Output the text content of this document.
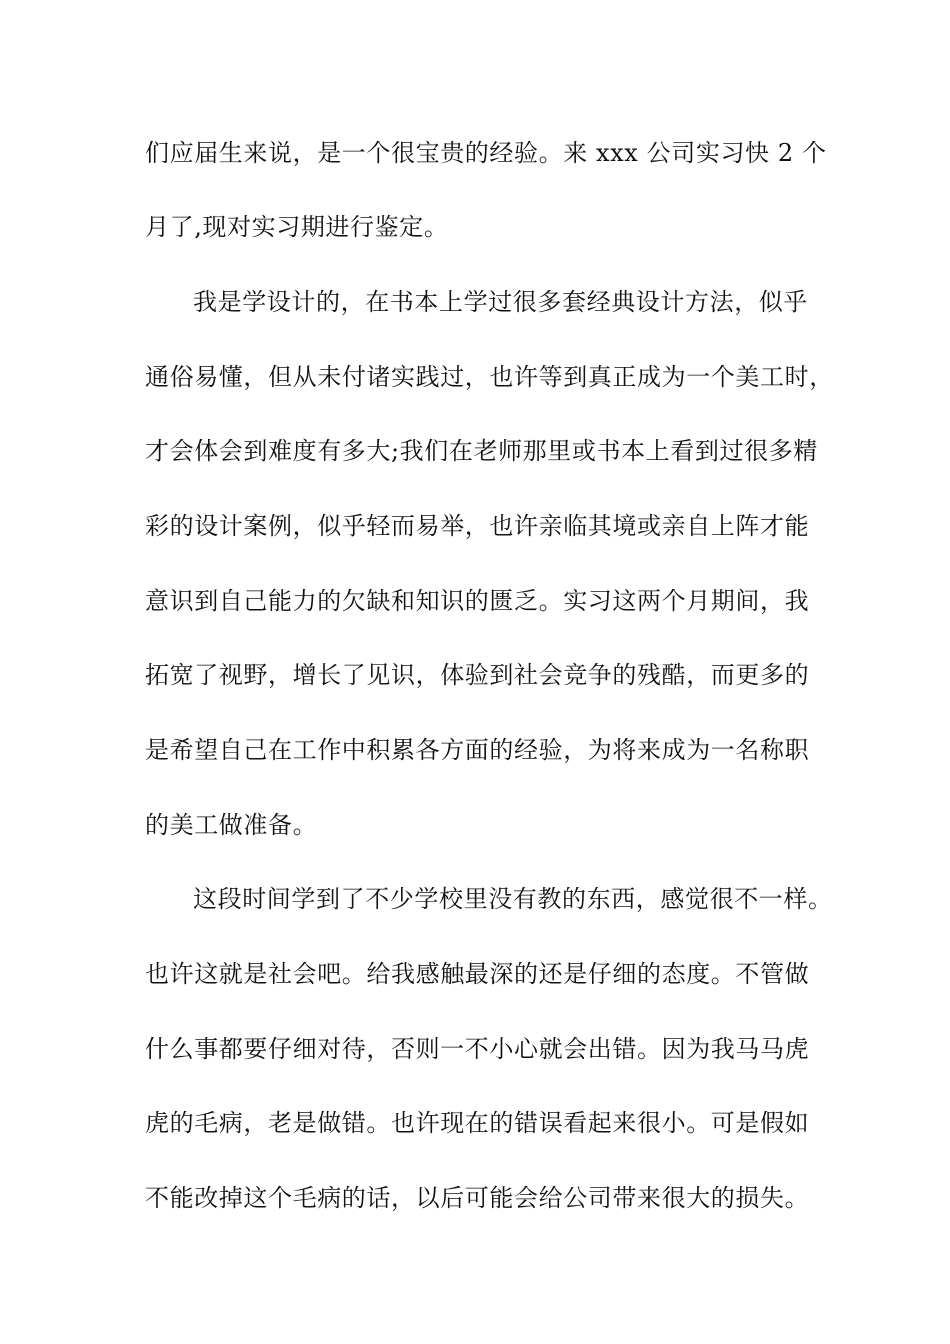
们应届生来说，是一个很宝贵的经验。来 xxx 公司实习快 2 个
月了,现对实习期进行鉴定。
我是学设计的，在书本上学过很多套经典设计方法，似乎
通俗易懂，但从未付诸实践过，也许等到真正成为一个美工时，
才会体会到难度有多大;我们在老师那里或书本上看到过很多精
彩的设计案例，似乎轻而易举，也许亲临其境或亲自上阵才能
意识到自己能力的欠缺和知识的匮乏。实习这两个月期间，我
拓宽了视野，增长了见识，体验到社会竞争的残酷，而更多的
是希望自己在工作中积累各方面的经验，为将来成为一名称职
的美工做准备。
这段时间学到了不少学校里没有教的东西，感觉很不一样。
也许这就是社会吧。给我感触最深的还是仔细的态度。不管做
什么事都要仔细对待，否则一不小心就会出错。因为我马马虎
虎的毛病，老是做错。也许现在的错误看起来很小。可是假如
不能改掉这个毛病的话，以后可能会给公司带来很大的损失。
